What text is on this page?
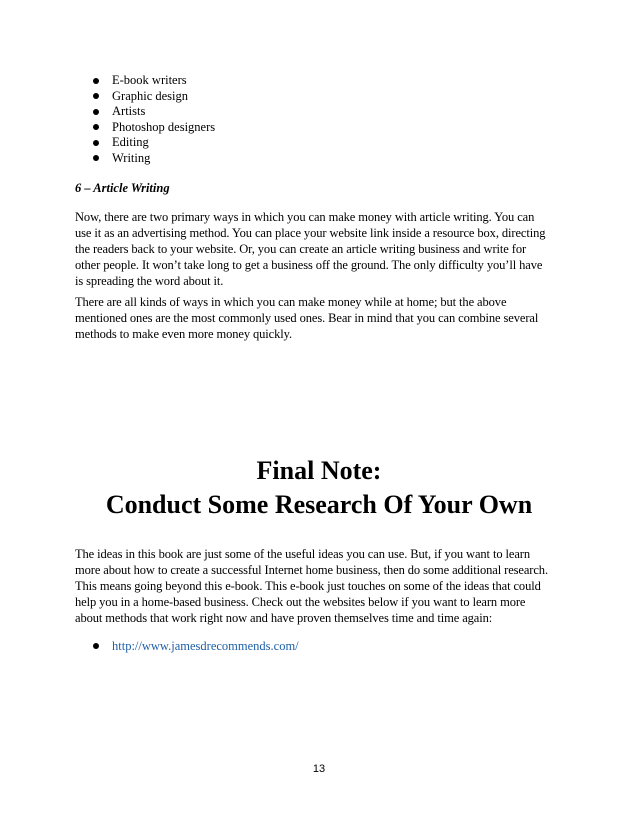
E-book writers
Graphic design
Artists
Photoshop designers
Editing
Writing
6 – Article Writing

Now, there are two primary ways in which you can make money with article writing. You can
use it as an advertising method. You can place your website link inside a resource box, directing
the readers back to your website. Or, you can create an article writing business and write for
other people. It won’t take long to get a business off the ground. The only difficulty you’ll have
is spreading the word about it.

There are all kinds of ways in which you can make money while at home; but the above
mentioned ones are the most commonly used ones. Bear in mind that you can combine several
methods to make even more money quickly.

Final Note:
Conduct Some Research Of Your Own

The ideas in this book are just some of the useful ideas you can use. But, if you want to learn
more about how to create a successful Internet home business, then do some additional research.
This means going beyond this e-book. This e-book just touches on some of the ideas that could
help you in a home-based business. Check out the websites below if you want to learn more
about methods that work right now and have proven themselves time and time again:

http://www.jamesdrecommends.com/
13
